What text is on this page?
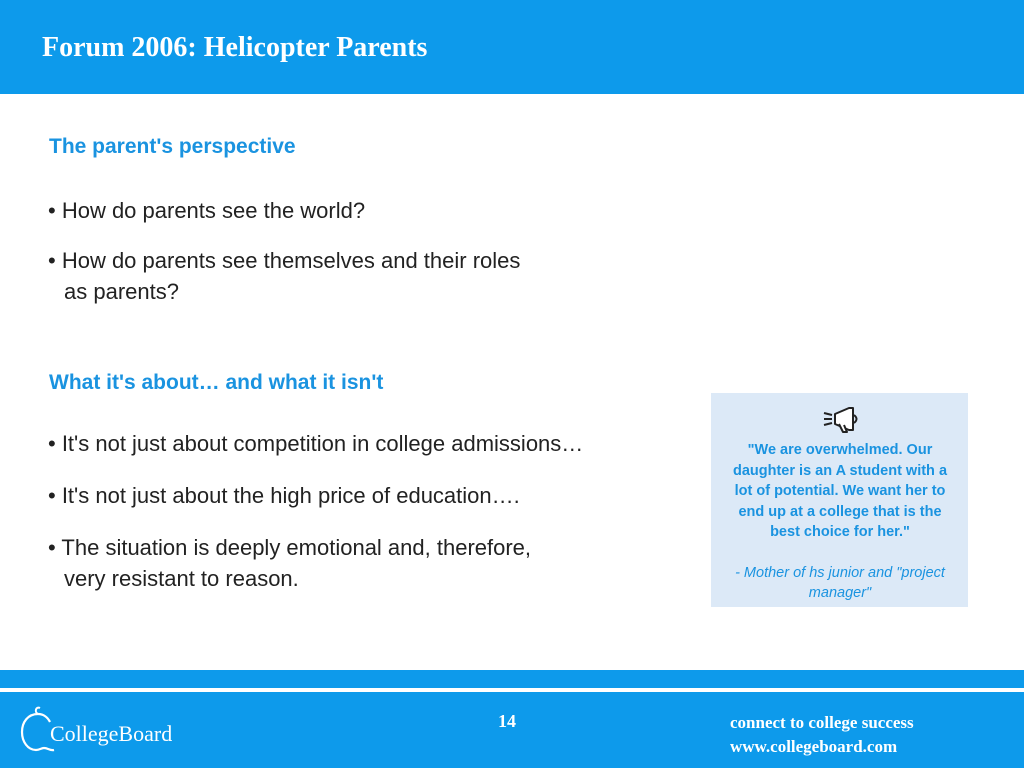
Forum 2006: Helicopter Parents
The parent's perspective
• How do parents see the world?
• How do parents see themselves and their roles
as parents?
What it's about… and what it isn't
• It's not just about competition in college admissions…
• It's not just about the high price of education….
• The situation is deeply emotional and, therefore,
very resistant to reason.
"We are overwhelmed. Our daughter is an A student with a lot of potential. We want her to end up at a college that is the best choice for her."
- Mother of hs junior and "project manager"
CollegeBoard	14	connect to college success
www.collegeboard.com
